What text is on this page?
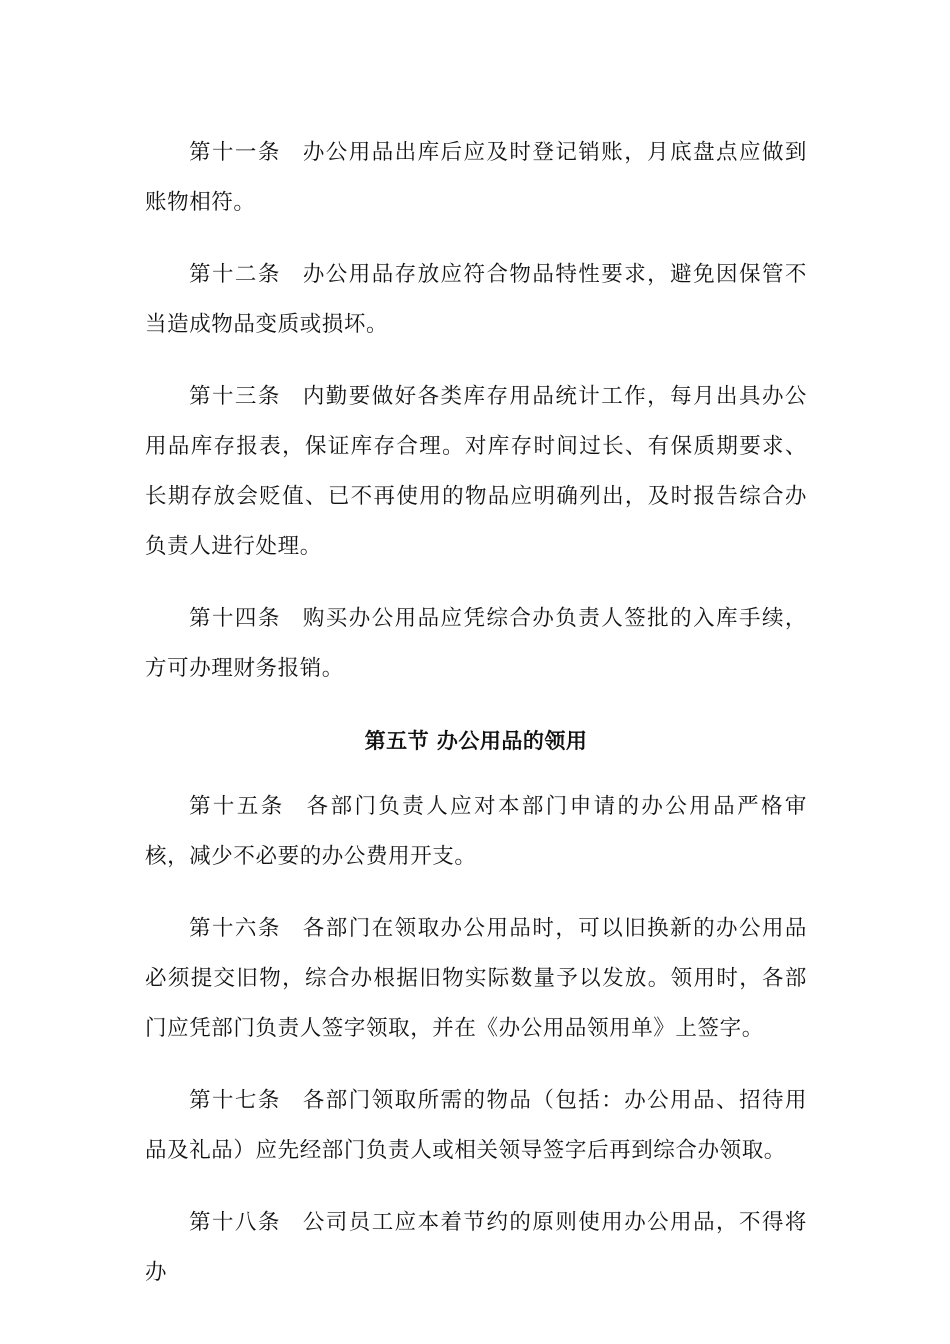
第十一条 办公用品出库后应及时登记销账，月底盘点应做到账物相符。

第十二条 办公用品存放应符合物品特性要求，避免因保管不当造成物品变质或损坏。

第十三条 内勤要做好各类库存用品统计工作，每月出具办公用品库存报表，保证库存合理。对库存时间过长、有保质期要求、长期存放会贬值、已不再使用的物品应明确列出，及时报告综合办负责人进行处理。

第十四条 购买办公用品应凭综合办负责人签批的入库手续，方可办理财务报销。

第五节 办公用品的领用

第十五条 各部门负责人应对本部门申请的办公用品严格审核，减少不必要的办公费用开支。

第十六条 各部门在领取办公用品时，可以旧换新的办公用品必须提交旧物，综合办根据旧物实际数量予以发放。领用时，各部门应凭部门负责人签字领取，并在《办公用品领用单》上签字。

第十七条 各部门领取所需的物品（包括：办公用品、招待用品及礼品）应先经部门负责人或相关领导签字后再到综合办领取。

第十八条 公司员工应本着节约的原则使用办公用品，不得将办
